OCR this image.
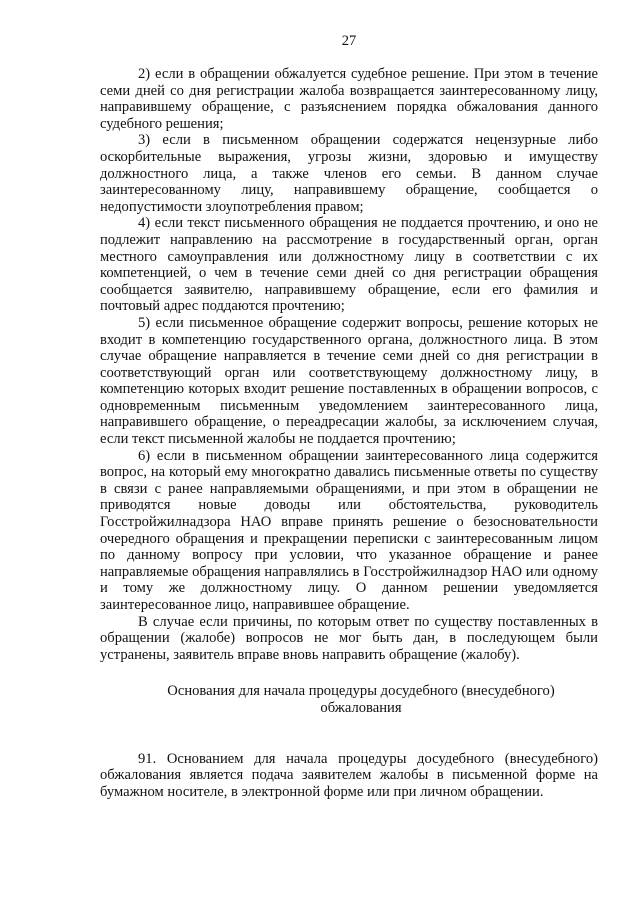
27

2) если в обращении обжалуется судебное решение. При этом в течение семи дней со дня регистрации жалоба возвращается заинтересованному лицу, направившему обращение, с разъяснением порядка обжалования данного судебного решения;

3) если в письменном обращении содержатся нецензурные либо оскорбительные выражения, угрозы жизни, здоровью и имуществу должностного лица, а также членов его семьи. В данном случае заинтересованному лицу, направившему обращение, сообщается о недопустимости злоупотребления правом;

4) если текст письменного обращения не поддается прочтению, и оно не подлежит направлению на рассмотрение в государственный орган, орган местного самоуправления или должностному лицу в соответствии с их компетенцией, о чем в течение семи дней со дня регистрации обращения сообщается заявителю, направившему обращение, если его фамилия и почтовый адрес поддаются прочтению;

5) если письменное обращение содержит вопросы, решение которых не входит в компетенцию государственного органа, должностного лица. В этом случае обращение направляется в течение семи дней со дня регистрации в соответствующий орган или соответствующему должностному лицу, в компетенцию которых входит решение поставленных в обращении вопросов, с одновременным письменным уведомлением заинтересованного лица, направившего обращение, о переадресации жалобы, за исключением случая, если текст письменной жалобы не поддается прочтению;

6) если в письменном обращении заинтересованного лица содержится вопрос, на который ему многократно давались письменные ответы по существу в связи с ранее направляемыми обращениями, и при этом в обращении не приводятся новые доводы или обстоятельства, руководитель Госстройжилнадзора НАО вправе принять решение о безосновательности очередного обращения и прекращении переписки с заинтересованным лицом по данному вопросу при условии, что указанное обращение и ранее направляемые обращения направлялись в Госстройжилнадзор НАО или одному и тому же должностному лицу. О данном решении уведомляется заинтересованное лицо, направившее обращение.

В случае если причины, по которым ответ по существу поставленных в обращении (жалобе) вопросов не мог быть дан, в последующем были устранены, заявитель вправе вновь направить обращение (жалобу).

Основания для начала процедуры досудебного (внесудебного) обжалования

91. Основанием для начала процедуры досудебного (внесудебного) обжалования является подача заявителем жалобы в письменной форме на бумажном носителе, в электронной форме или при личном обращении.
